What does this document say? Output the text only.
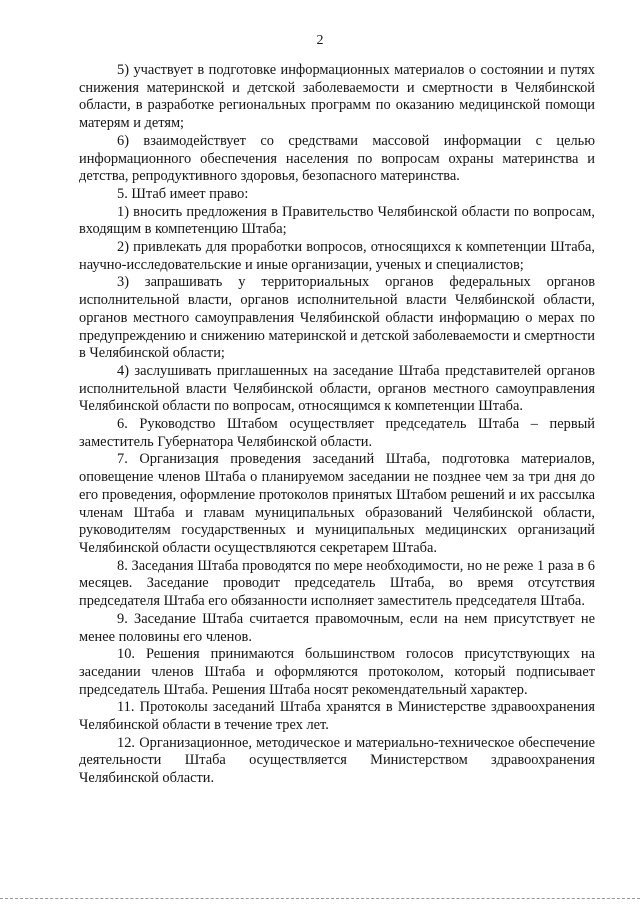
2

5) участвует в подготовке информационных материалов о состоянии и путях снижения материнской и детской заболеваемости и смертности в Челябинской области, в разработке региональных программ по оказанию медицинской помощи матерям и детям;

6) взаимодействует со средствами массовой информации с целью информационного обеспечения населения по вопросам охраны материнства и детства, репродуктивного здоровья, безопасного материнства.

5. Штаб имеет право:

1) вносить предложения в Правительство Челябинской области по вопросам, входящим в компетенцию Штаба;

2) привлекать для проработки вопросов, относящихся к компетенции Штаба, научно-исследовательские и иные организации, ученых и специалистов;

3) запрашивать у территориальных органов федеральных органов исполнительной власти, органов исполнительной власти Челябинской области, органов местного самоуправления Челябинской области информацию о мерах по предупреждению и снижению материнской и детской заболеваемости и смертности в Челябинской области;

4) заслушивать приглашенных на заседание Штаба представителей органов исполнительной власти Челябинской области, органов местного самоуправления Челябинской области по вопросам, относящимся к компетенции Штаба.

6. Руководство Штабом осуществляет председатель Штаба – первый заместитель Губернатора Челябинской области.

7. Организация проведения заседаний Штаба, подготовка материалов, оповещение членов Штаба о планируемом заседании не позднее чем за три дня до его проведения, оформление протоколов принятых Штабом решений и их рассылка членам Штаба и главам муниципальных образований Челябинской области, руководителям государственных и муниципальных медицинских организаций Челябинской области осуществляются секретарем Штаба.

8. Заседания Штаба проводятся по мере необходимости, но не реже 1 раза в 6 месяцев. Заседание проводит председатель Штаба, во время отсутствия председателя Штаба его обязанности исполняет заместитель председателя Штаба.

9. Заседание Штаба считается правомочным, если на нем присутствует не менее половины его членов.

10. Решения принимаются большинством голосов присутствующих на заседании членов Штаба и оформляются протоколом, который подписывает председатель Штаба. Решения Штаба носят рекомендательный характер.

11. Протоколы заседаний Штаба хранятся в Министерстве здравоохранения Челябинской области в течение трех лет.

12. Организационное, методическое и материально-техническое обеспечение деятельности Штаба осуществляется Министерством здравоохранения Челябинской области.
